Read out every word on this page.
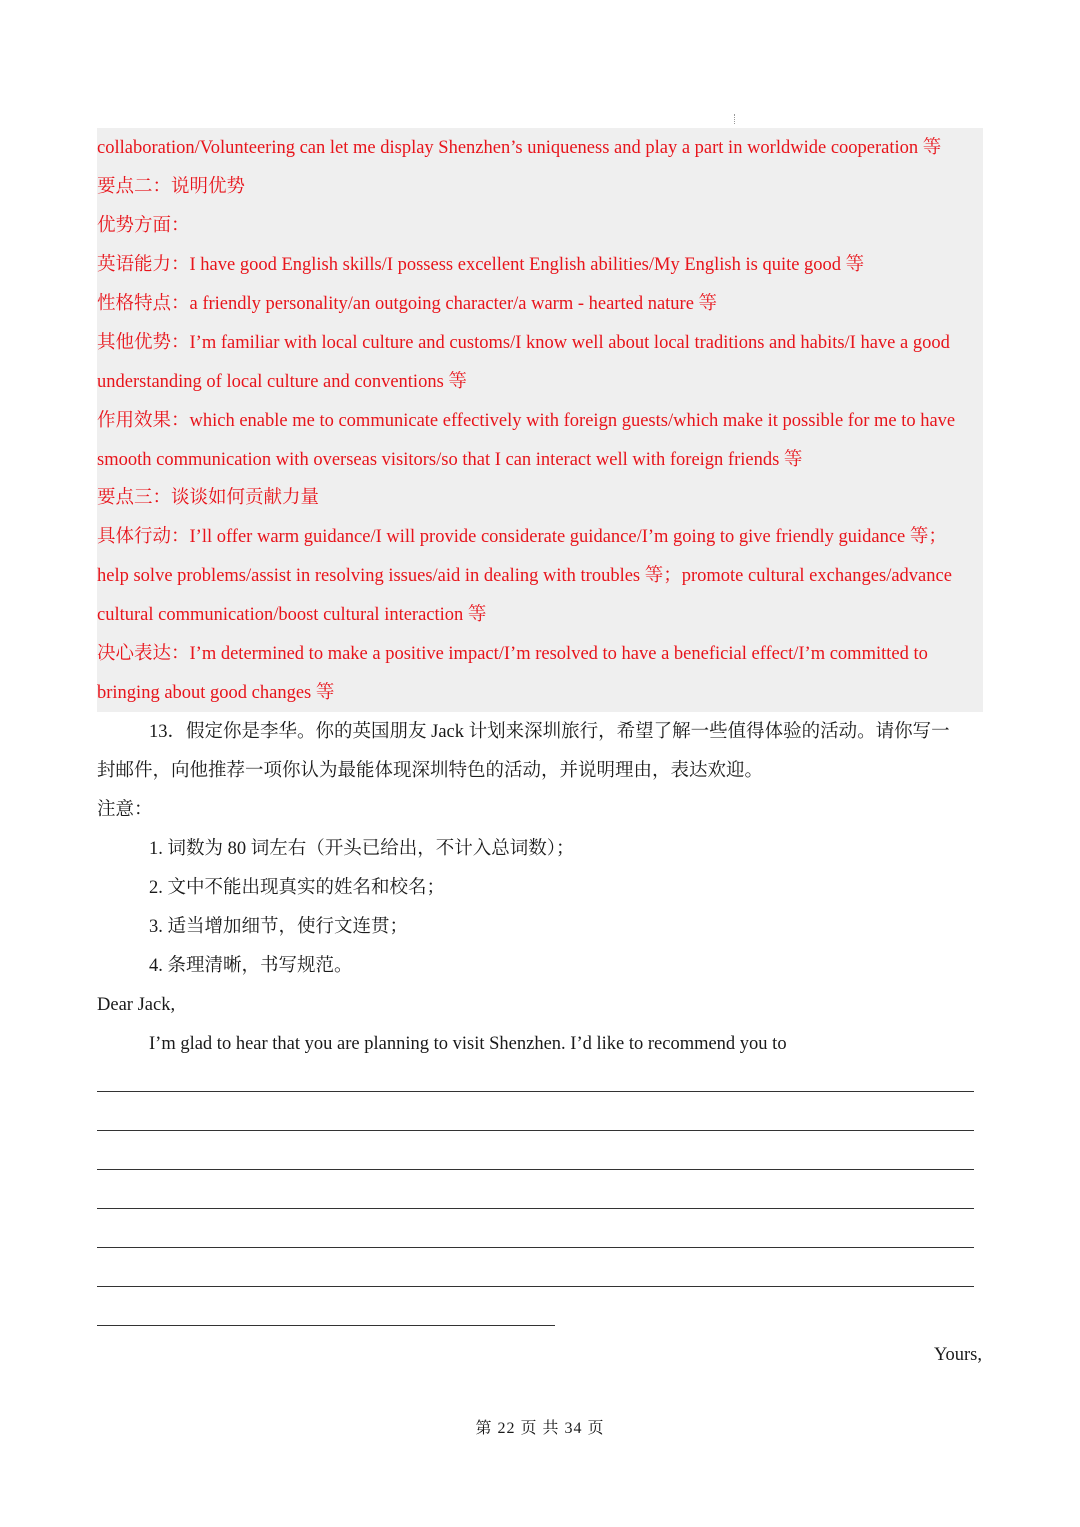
collaboration/Volunteering can let me display Shenzhen’s uniqueness and play a part in worldwide cooperation 等
要点二：说明优势
优势方面：
英语能力：I have good English skills/I possess excellent English abilities/My English is quite good 等
性格特点：a friendly personality/an outgoing character/a warm - hearted nature 等
其他优势：I’m familiar with local culture and customs/I know well about local traditions and habits/I have a good
understanding of local culture and conventions 等
作用效果：which enable me to communicate effectively with foreign guests/which make it possible for me to have
smooth communication with overseas visitors/so that I can interact well with foreign friends 等
要点三：谈谈如何贡献力量
具体行动：I’ll offer warm guidance/I will provide considerate guidance/I’m going to give friendly guidance 等；
help solve problems/assist in resolving issues/aid in dealing with troubles 等；promote cultural exchanges/advance
cultural communication/boost cultural interaction 等
决心表达：I’m determined to make a positive impact/I’m resolved to have a beneficial effect/I’m committed to
bringing about good changes 等
13．假定你是李华。你的英国朋友 Jack 计划来深圳旅行，希望了解一些值得体验的活动。请你写一
封邮件，向他推荐一项你认为最能体现深圳特色的活动，并说明理由，表达欢迎。
注意：
1. 词数为 80 词左右（开头已给出，不计入总词数）；
2. 文中不能出现真实的姓名和校名；
3. 适当增加细节，使行文连贯；
4. 条理清晰，书写规范。
Dear Jack,
I’m glad to hear that you are planning to visit Shenzhen. I’d like to recommend you to
Yours,
第 22 页 共 34 页
